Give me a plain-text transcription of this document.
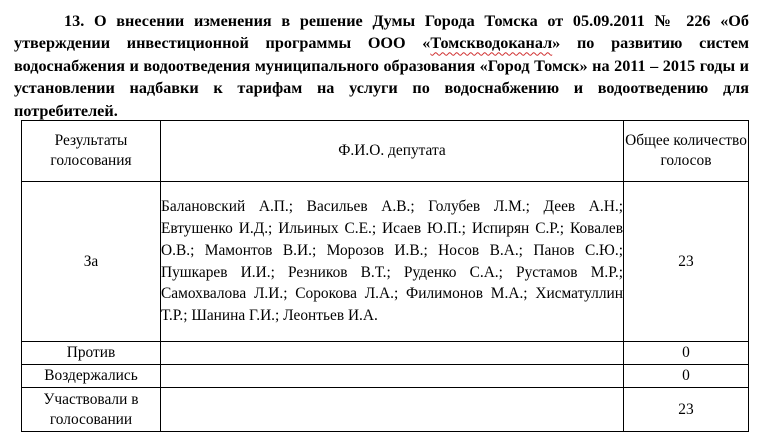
13. О внесении изменения в решение Думы Города Томска от 05.09.2011 № 226 «Об утверждении инвестиционной программы ООО «Томскводоканал» по развитию систем водоснабжения и водоотведения муниципального образования «Город Томск» на 2011 – 2015 годы и установлении надбавки к тарифам на услуги по водоснабжению и водоотведению для потребителей.
Результаты голосования	Ф.И.О. депутата	Общее количество голосов
За	Балановский А.П.; Васильев А.В.; Голубев Л.М.; Деев А.Н.; Евтушенко И.Д.; Ильиных С.Е.; Исаев Ю.П.; Испирян С.Р.; Ковалев О.В.; Мамонтов В.И.; Морозов И.В.; Носов В.А.; Панов С.Ю.; Пушкарев И.И.; Резников В.Т.; Руденко С.А.; Рустамов М.Р.; Самохвалова Л.И.; Сорокова Л.А.; Филимонов М.А.; Хисматуллин Т.Р.; Шанина Г.И.; Леонтьев И.А.	23
Против		0
Воздержались		0
Участвовали в голосовании		23
